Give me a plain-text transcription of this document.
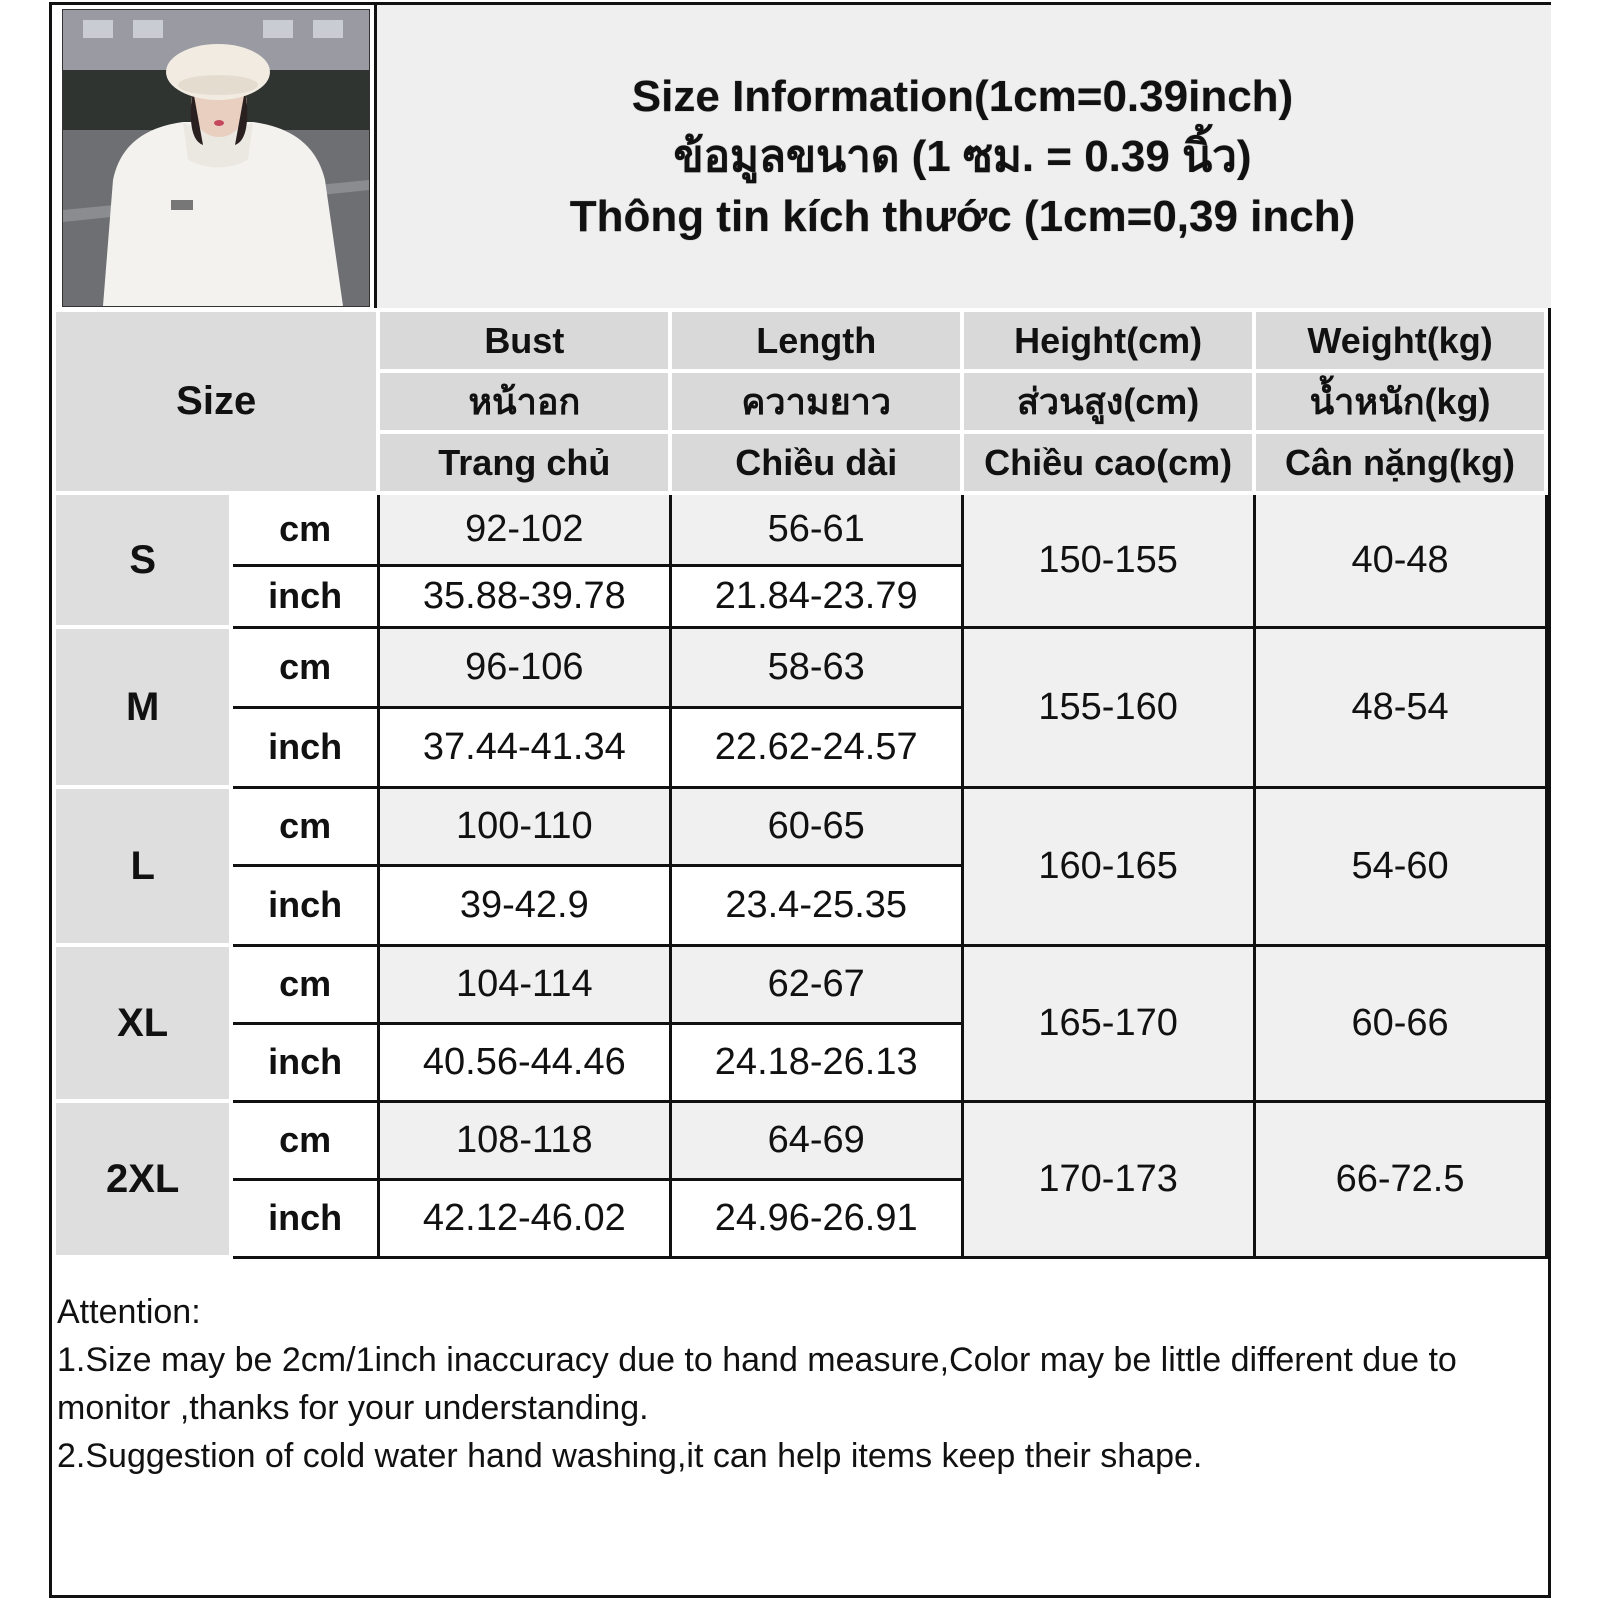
Size Information(1cm=0.39inch)
ข้อมูลขนาด (1 ซม. = 0.39 นิ้ว)
Thông tin kích thước (1cm=0,39 inch)
Size		Bust	Length	Height(cm)	Weight(kg)
		หน้าอก	ความยาว	ส่วนสูง(cm)	น้ำหนัก(kg)
		Trang chủ	Chiều dài	Chiều cao(cm)	Cân nặng(kg)
S	cm	92-102	56-61	150-155	40-48
	inch	35.88-39.78	21.84-23.79		
M	cm	96-106	58-63	155-160	48-54
	inch	37.44-41.34	22.62-24.57		
L	cm	100-110	60-65	160-165	54-60
	inch	39-42.9	23.4-25.35		
XL	cm	104-114	62-67	165-170	60-66
	inch	40.56-44.46	24.18-26.13		
2XL	cm	108-118	64-69	170-173	66-72.5
	inch	42.12-46.02	24.96-26.91		
Attention:
1.Size may be 2cm/1inch inaccuracy due to hand measure,Color may be little different due to monitor ,thanks for your understanding.
2.Suggestion of cold water hand washing,it can help items keep their shape.
